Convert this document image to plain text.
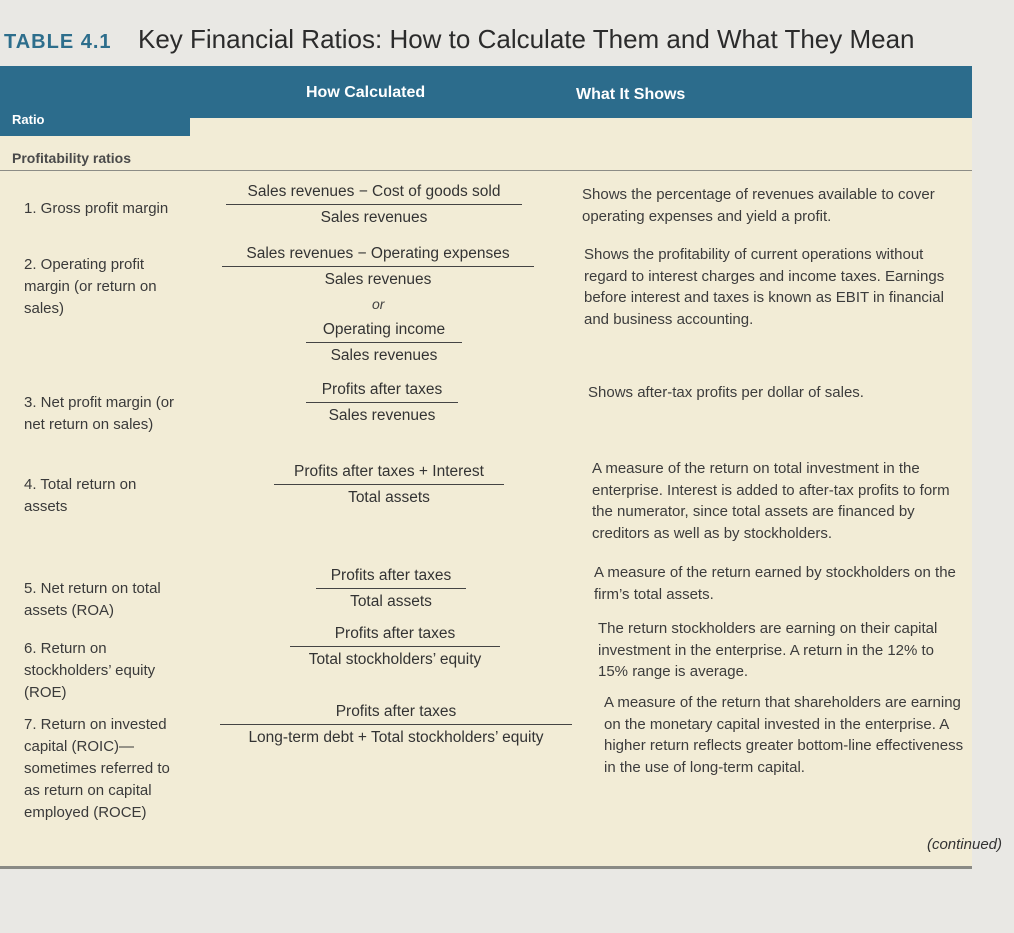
TABLE 4.1 Key Financial Ratios: How to Calculate Them and What They Mean
How Calculated	What It Shows
Ratio
Profitability ratios
1. Gross profit margin
Sales revenues − Cost of goods sold
Sales revenues
Shows the percentage of revenues available to cover operating expenses and yield a profit.
2. Operating profit margin (or return on sales)
Sales revenues − Operating expenses
Sales revenues
or
Operating income
Sales revenues
Shows the profitability of current operations without regard to interest charges and income taxes. Earnings before interest and taxes is known as EBIT in financial and business accounting.
3. Net profit margin (or net return on sales)
Profits after taxes
Sales revenues
Shows after-tax profits per dollar of sales.
4. Total return on assets
Profits after taxes + Interest
Total assets
A measure of the return on total investment in the enterprise. Interest is added to after-tax profits to form the numerator, since total assets are financed by creditors as well as by stockholders.
5. Net return on total assets (ROA)
Profits after taxes
Total assets
A measure of the return earned by stockholders on the firm’s total assets.
6. Return on stockholders’ equity (ROE)
Profits after taxes
Total stockholders’ equity
The return stockholders are earning on their capital investment in the enterprise. A return in the 12% to 15% range is average.
7. Return on invested capital (ROIC)— sometimes referred to as return on capital employed (ROCE)
Profits after taxes
Long-term debt + Total stockholders’ equity
A measure of the return that shareholders are earning on the monetary capital invested in the enterprise. A higher return reflects greater bottom-line effectiveness in the use of long-term capital.
(continued)
